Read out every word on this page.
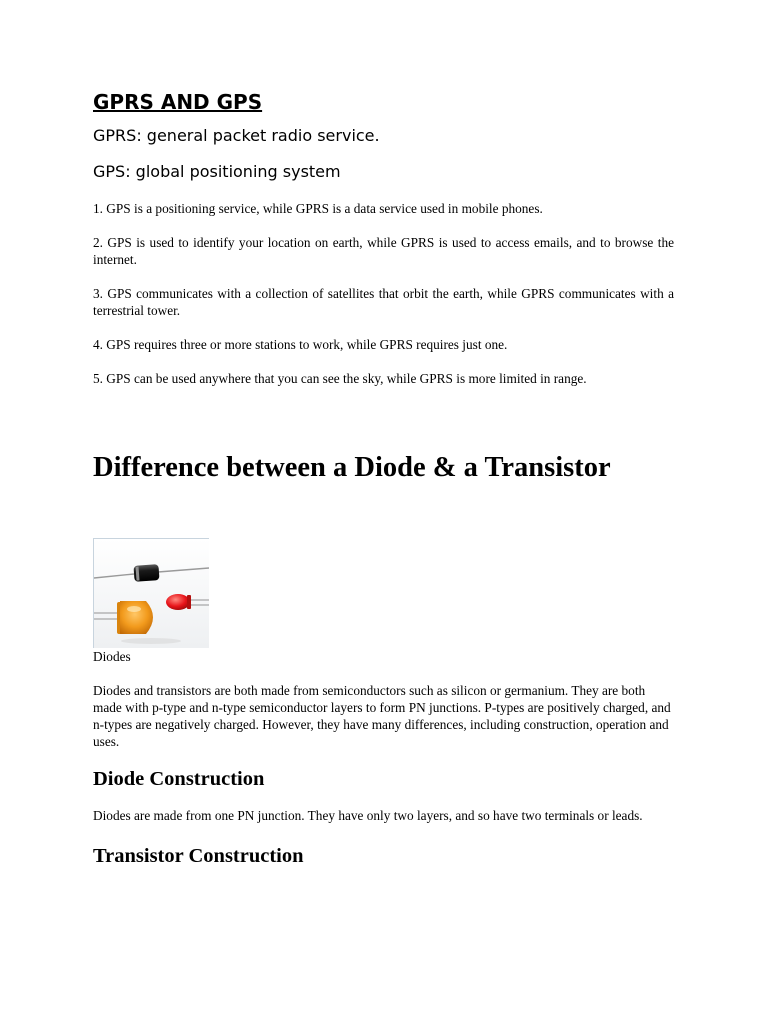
GPRS AND GPS

GPRS: general packet radio service.

GPS: global positioning system

1. GPS is a positioning service, while GPRS is a data service used in mobile phones.

2. GPS is used to identify your location on earth, while GPRS is used to access emails, and to browse the internet.

3. GPS communicates with a collection of satellites that orbit the earth, while GPRS communicates with a terrestrial tower.

4. GPS requires three or more stations to work, while GPRS requires just one.

5. GPS can be used anywhere that you can see the sky, while GPRS is more limited in range.

Difference between a Diode & a Transistor

Diodes

Diodes and transistors are both made from semiconductors such as silicon or germanium. They are both made with p-type and n-type semiconductor layers to form PN junctions. P-types are positively charged, and n-types are negatively charged. However, they have many differences, including construction, operation and uses.

Diode Construction

Diodes are made from one PN junction. They have only two layers, and so have two terminals or leads.

Transistor Construction
